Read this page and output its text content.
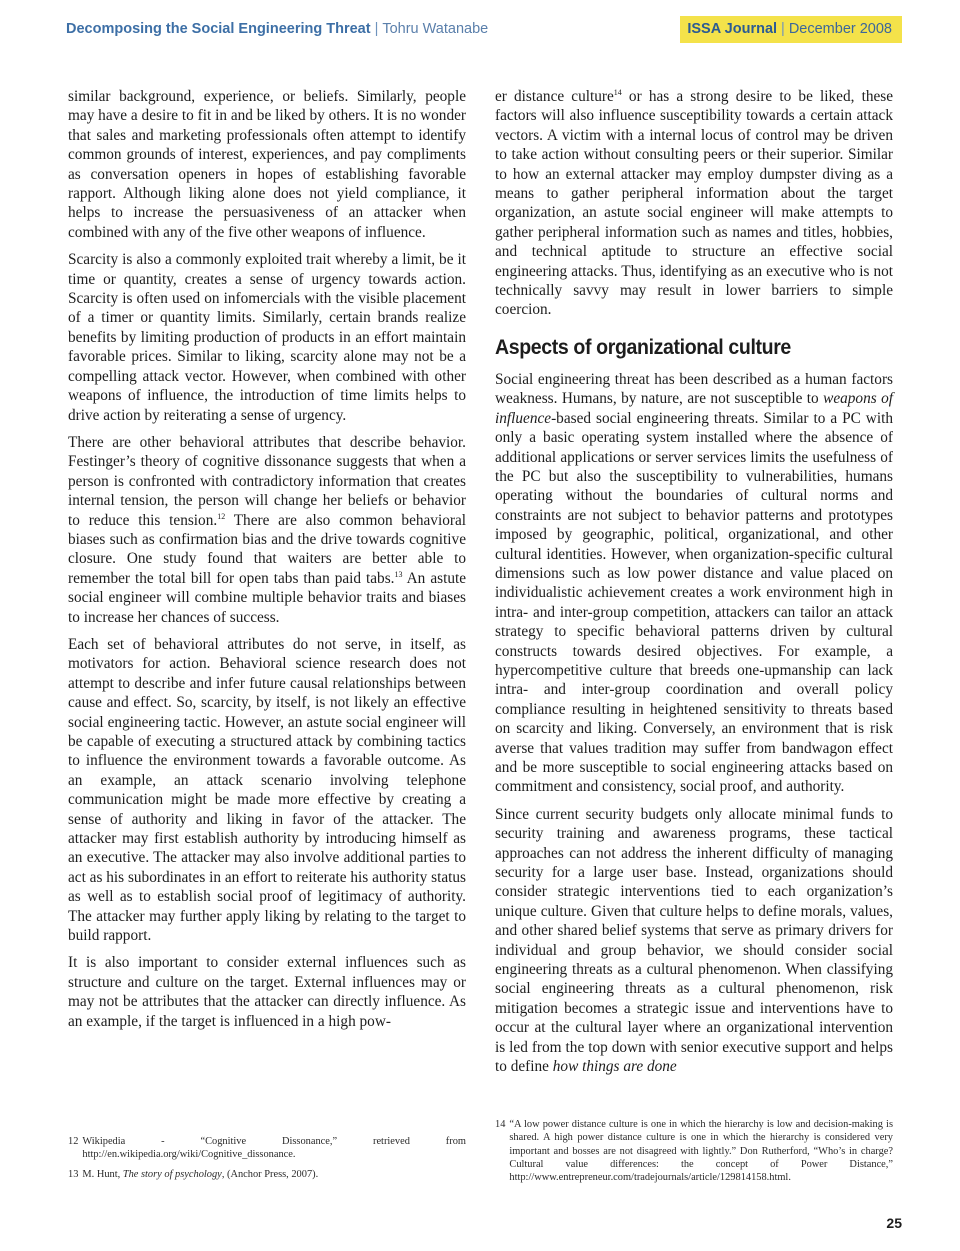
Decomposing the Social Engineering Threat | Tohru Watanabe	ISSA Journal | December 2008

similar background, experience, or beliefs. Similarly, people may have a desire to fit in and be liked by others. It is no wonder that sales and marketing professionals often attempt to identify common grounds of interest, experiences, and pay compliments as conversation openers in hopes of establishing favorable rapport. Although liking alone does not yield compliance, it helps to increase the persuasiveness of an attacker when combined with any of the five other weapons of influence.

Scarcity is also a commonly exploited trait whereby a limit, be it time or quantity, creates a sense of urgency towards action. Scarcity is often used on infomercials with the visible placement of a timer or quantity limits. Similarly, certain brands realize benefits by limiting production of products in an effort maintain favorable prices. Similar to liking, scarcity alone may not be a compelling attack vector. However, when combined with other weapons of influence, the introduction of time limits helps to drive action by reiterating a sense of urgency.

There are other behavioral attributes that describe behavior. Festinger’s theory of cognitive dissonance suggests that when a person is confronted with contradictory information that creates internal tension, the person will change her beliefs or behavior to reduce this tension.$^{12}$ There are also common behavioral biases such as confirmation bias and the drive towards cognitive closure. One study found that waiters are better able to remember the total bill for open tabs than paid tabs.$^{13}$ An astute social engineer will combine multiple behavior traits and biases to increase her chances of success.

Each set of behavioral attributes do not serve, in itself, as motivators for action. Behavioral science research does not attempt to describe and infer future causal relationships between cause and effect. So, scarcity, by itself, is not likely an effective social engineering tactic. However, an astute social engineer will be capable of executing a structured attack by combining tactics to influence the environment towards a favorable outcome. As an example, an attack scenario involving telephone communication might be made more effective by creating a sense of authority and liking in favor of the attacker. The attacker may first establish authority by introducing himself as an executive. The attacker may also involve additional parties to act as his subordinates in an effort to reiterate his authority status as well as to establish social proof of legitimacy of authority. The attacker may further apply liking by relating to the target to build rapport.

It is also important to consider external influences such as structure and culture on the target. External influences may or may not be attributes that the attacker can directly influence. As an example, if the target is influenced in a high pow-

er distance culture$^{14}$ or has a strong desire to be liked, these factors will also influence susceptibility towards a certain attack vectors. A victim with a internal locus of control may be driven to take action without consulting peers or their superior. Similar to how an external attacker may employ dumpster diving as a means to gather peripheral information about the target organization, an astute social engineer will make attempts to gather peripheral information such as names and titles, hobbies, and technical aptitude to structure an effective social engineering attacks. Thus, identifying as an executive who is not technically savvy may result in lower barriers to simple coercion.

Aspects of organizational culture

Social engineering threat has been described as a human factors weakness. Humans, by nature, are not susceptible to weapons of influence-based social engineering threats. Similar to a PC with only a basic operating system installed where the absence of additional applications or server services limits the usefulness of the PC but also the susceptibility to vulnerabilities, humans operating without the boundaries of cultural norms and constraints are not subject to behavior patterns and prototypes imposed by geographic, political, organizational, and other cultural identities. However, when organization-specific cultural dimensions such as low power distance and value placed on individualistic achievement creates a work environment high in intra- and inter-group competition, attackers can tailor an attack strategy to specific behavioral patterns driven by cultural constructs towards desired objectives. For example, a hypercompetitive culture that breeds one-upmanship can lack intra- and inter-group coordination and overall policy compliance resulting in heightened sensitivity to threats based on scarcity and liking. Conversely, an environment that is risk averse that values tradition may suffer from bandwagon effect and be more susceptible to social engineering attacks based on commitment and consistency, social proof, and authority.

Since current security budgets only allocate minimal funds to security training and awareness programs, these tactical approaches can not address the inherent difficulty of managing security for a large user base. Instead, organizations should consider strategic interventions tied to each organization’s unique culture. Given that culture helps to define morals, values, and other shared belief systems that serve as primary drivers for individual and group behavior, we should consider social engineering threats as a cultural phenomenon. When classifying social engineering threats as a cultural phenomenon, risk mitigation becomes a strategic issue and interventions have to occur at the cultural layer where an organizational intervention is led from the top down with senior executive support and helps to define how things are done

12 Wikipedia - “Cognitive Dissonance,” retrieved from http://en.wikipedia.org/wiki/Cognitive_dissonance.
13 M. Hunt, The story of psychology, (Anchor Press, 2007).
14 “A low power distance culture is one in which the hierarchy is low and decision-making is shared. A high power distance culture is one in which the hierarchy is considered very important and bosses are not disagreed with lightly.” Don Rutherford, “Who’s in charge? Cultural value differences: the concept of Power Distance,” http://www.entrepreneur.com/tradejournals/article/129814158.html.
25
